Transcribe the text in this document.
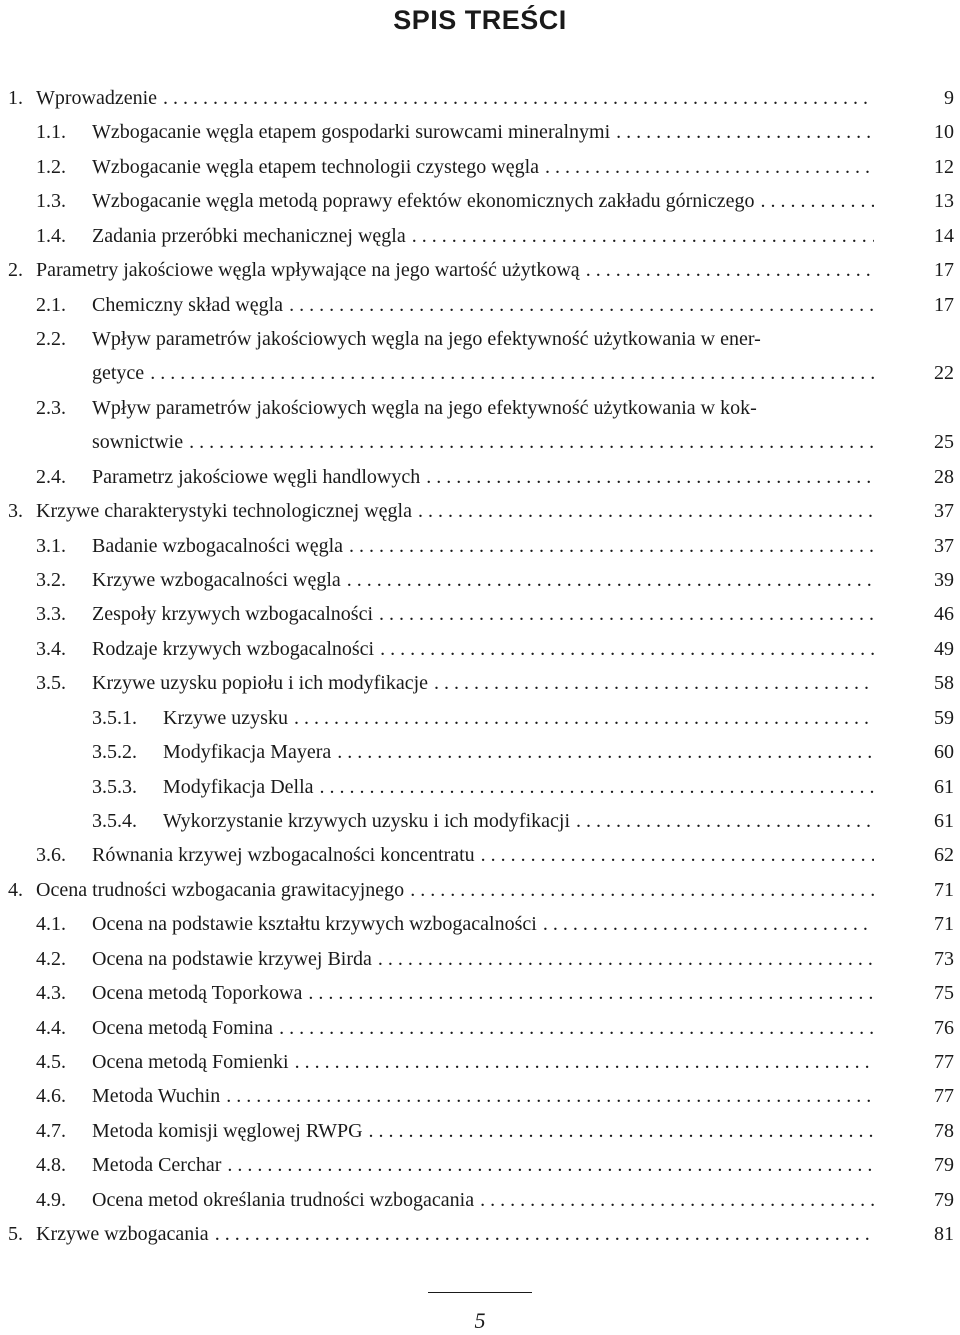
SPIS TREŚCI
1. Wprowadzenie . . .	9
1.1. Wzbogacanie węgla etapem gospodarki surowcami mineralnymi . . .	10
1.2. Wzbogacanie węgla etapem technologii czystego węgla . . .	12
1.3. Wzbogacanie węgla metodą poprawy efektów ekonomicznych zakładu górniczego . . .	13
1.4. Zadania przeróbki mechanicznej węgla . . .	14
2. Parametry jakościowe węgla wpływające na jego wartość użytkową . . .	17
2.1. Chemiczny skład węgla . . .	17
2.2. Wpływ parametrów jakościowych węgla na jego efektywność użytkowania w ener-
getyce . . .	22
2.3. Wpływ parametrów jakościowych węgla na jego efektywność użytkowania w kok-
sownictwie . . .	25
2.4. Parametrz jakościowe węgli handlowych . . .	28
3. Krzywe charakterystyki technologicznej węgla . . .	37
3.1. Badanie wzbogacalności węgla . . .	37
3.2. Krzywe wzbogacalności węgla . . .	39
3.3. Zespoły krzywych wzbogacalności . . .	46
3.4. Rodzaje krzywych wzbogacalności . . .	49
3.5. Krzywe uzysku popiołu i ich modyfikacje . . .	58
3.5.1. Krzywe uzysku . . .	59
3.5.2. Modyfikacja Mayera . . .	60
3.5.3. Modyfikacja Della . . .	61
3.5.4. Wykorzystanie krzywych uzysku i ich modyfikacji . . .	61
3.6. Równania krzywej wzbogacalności koncentratu . . .	62
4. Ocena trudności wzbogacania grawitacyjnego . . .	71
4.1. Ocena na podstawie kształtu krzywych wzbogacalności . . .	71
4.2. Ocena na podstawie krzywej Birda . . .	73
4.3. Ocena metodą Toporkowa . . .	75
4.4. Ocena metodą Fomina . . .	76
4.5. Ocena metodą Fomienki . . .	77
4.6. Metoda Wuchin . . .	77
4.7. Metoda komisji węglowej RWPG . . .	78
4.8. Metoda Cerchar . . .	79
4.9. Ocena metod określania trudności wzbogacania . . .	79
5. Krzywe wzbogacania . . .	81
5
